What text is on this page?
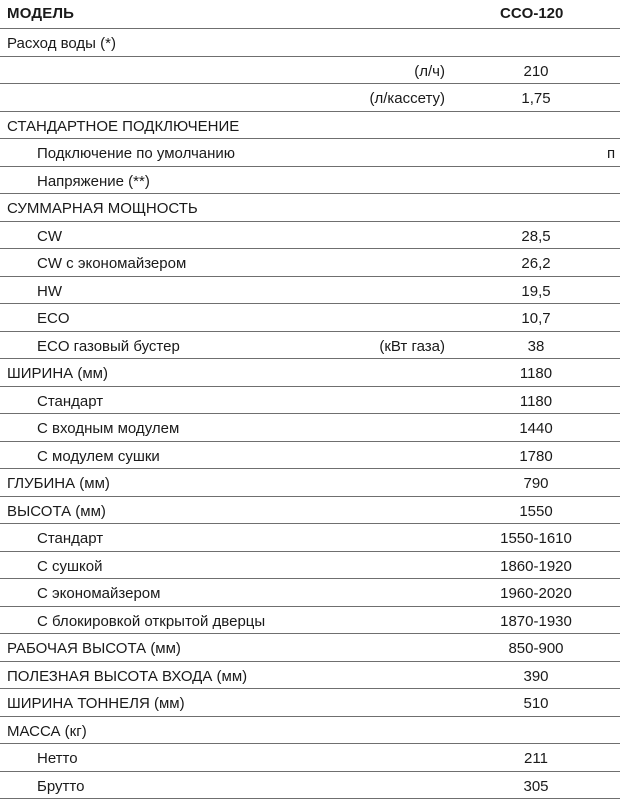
МОДЕЛЬ	CCO-120
Расход воды (*)
(л/ч)	210
(л/кассету)	1,75
СТАНДАРТНОЕ ПОДКЛЮЧЕНИЕ
Подключение по умолчанию	п
Напряжение (**)
СУММАРНАЯ МОЩНОСТЬ
CW	28,5
CW с экономайзером	26,2
HW	19,5
ECO	10,7
ECO газовый бустер	(кВт газа)	38
ШИРИНА (мм)	1180
Стандарт	1180
С входным модулем	1440
С модулем сушки	1780
ГЛУБИНА (мм)	790
ВЫСОТА (мм)	1550
Стандарт	1550-1610
С сушкой	1860-1920
С экономайзером	1960-2020
С блокировкой открытой дверцы	1870-1930
РАБОЧАЯ ВЫСОТА (мм)	850-900
ПОЛЕЗНАЯ ВЫСОТА ВХОДА (мм)	390
ШИРИНА ТОННЕЛЯ (мм)	510
МАССА (кг)
Нетто	211
Брутто	305
